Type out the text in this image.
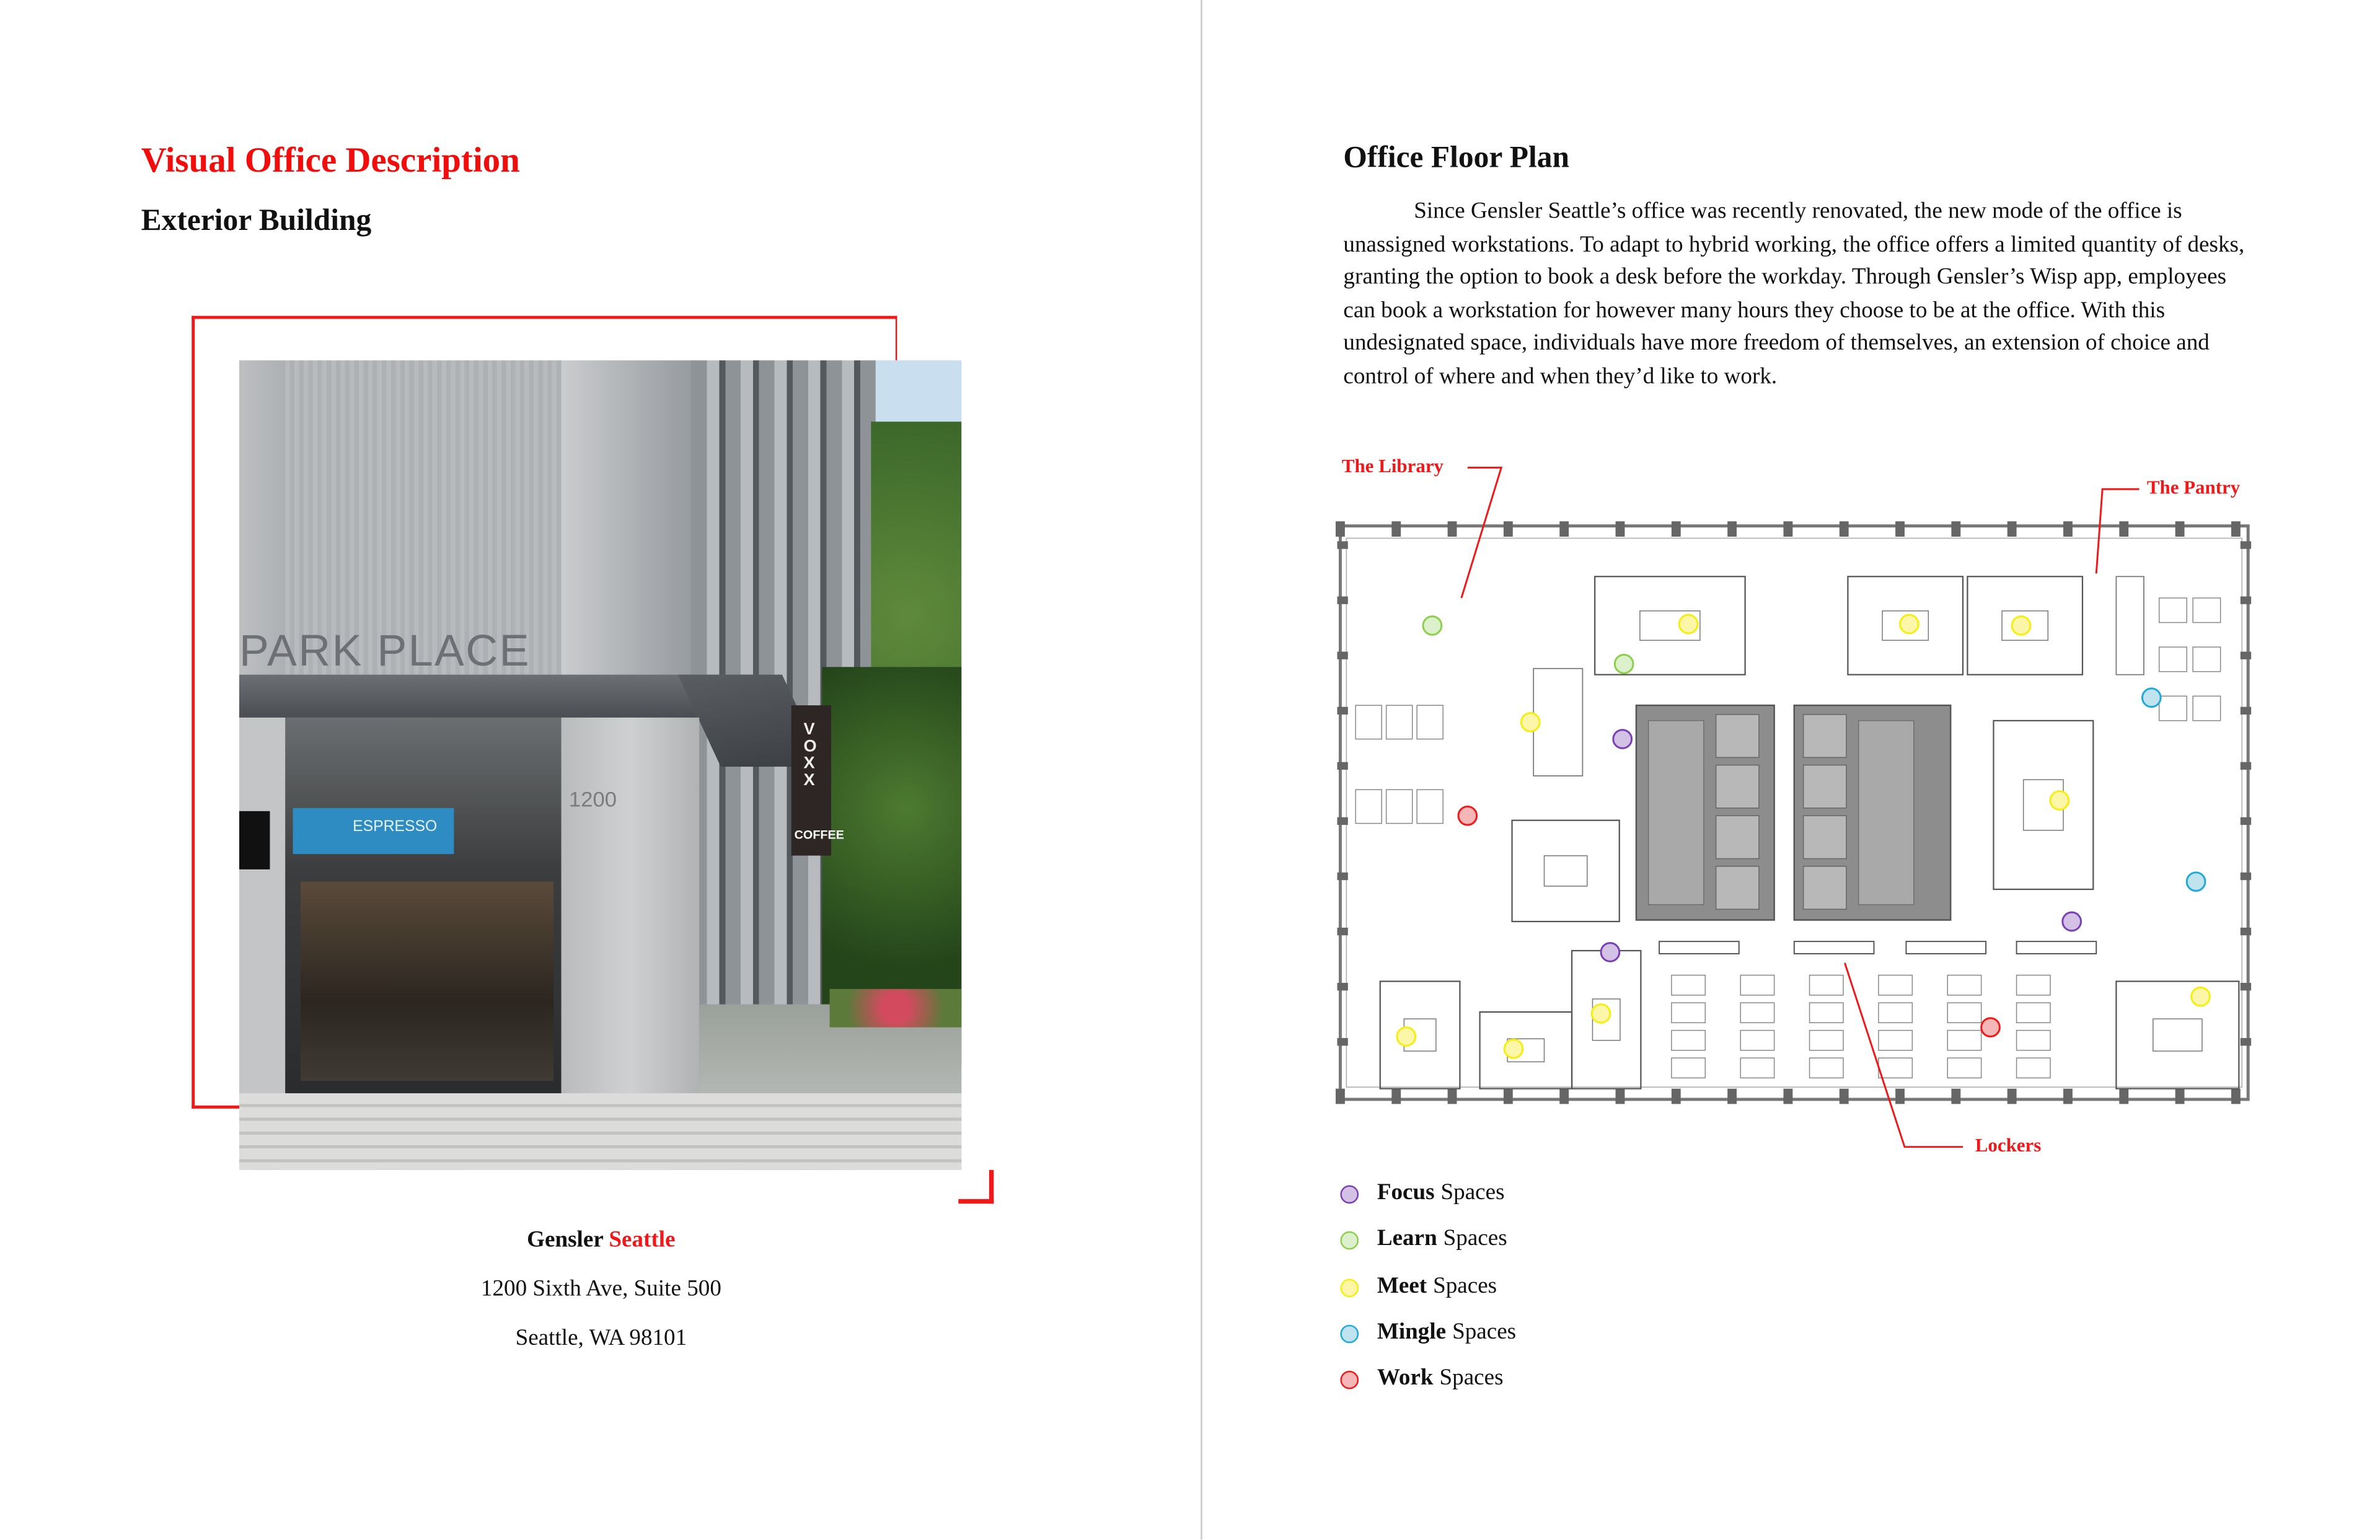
Visual Office Description
Exterior Building
PARK PLACE
1200
ESPRESSO
VOXX
COFFEE
Gensler Seattle
1200 Sixth Ave, Suite 500
Seattle, WA 98101
Office Floor Plan
Since Gensler Seattle’s office was recently renovated, the new mode of the office is unassigned workstations. To adapt to hybrid working, the office offers a limited quantity of desks, granting the option to book a desk before the workday. Through Gensler’s Wisp app, employees can book a workstation for however many hours they choose to be at the office. With this undesignated space, individuals have more freedom of themselves, an extension of choice and control of where and when they’d like to work.
The Library
The Pantry
Lockers
Focus Spaces
Learn Spaces
Meet Spaces
Mingle Spaces
Work Spaces
